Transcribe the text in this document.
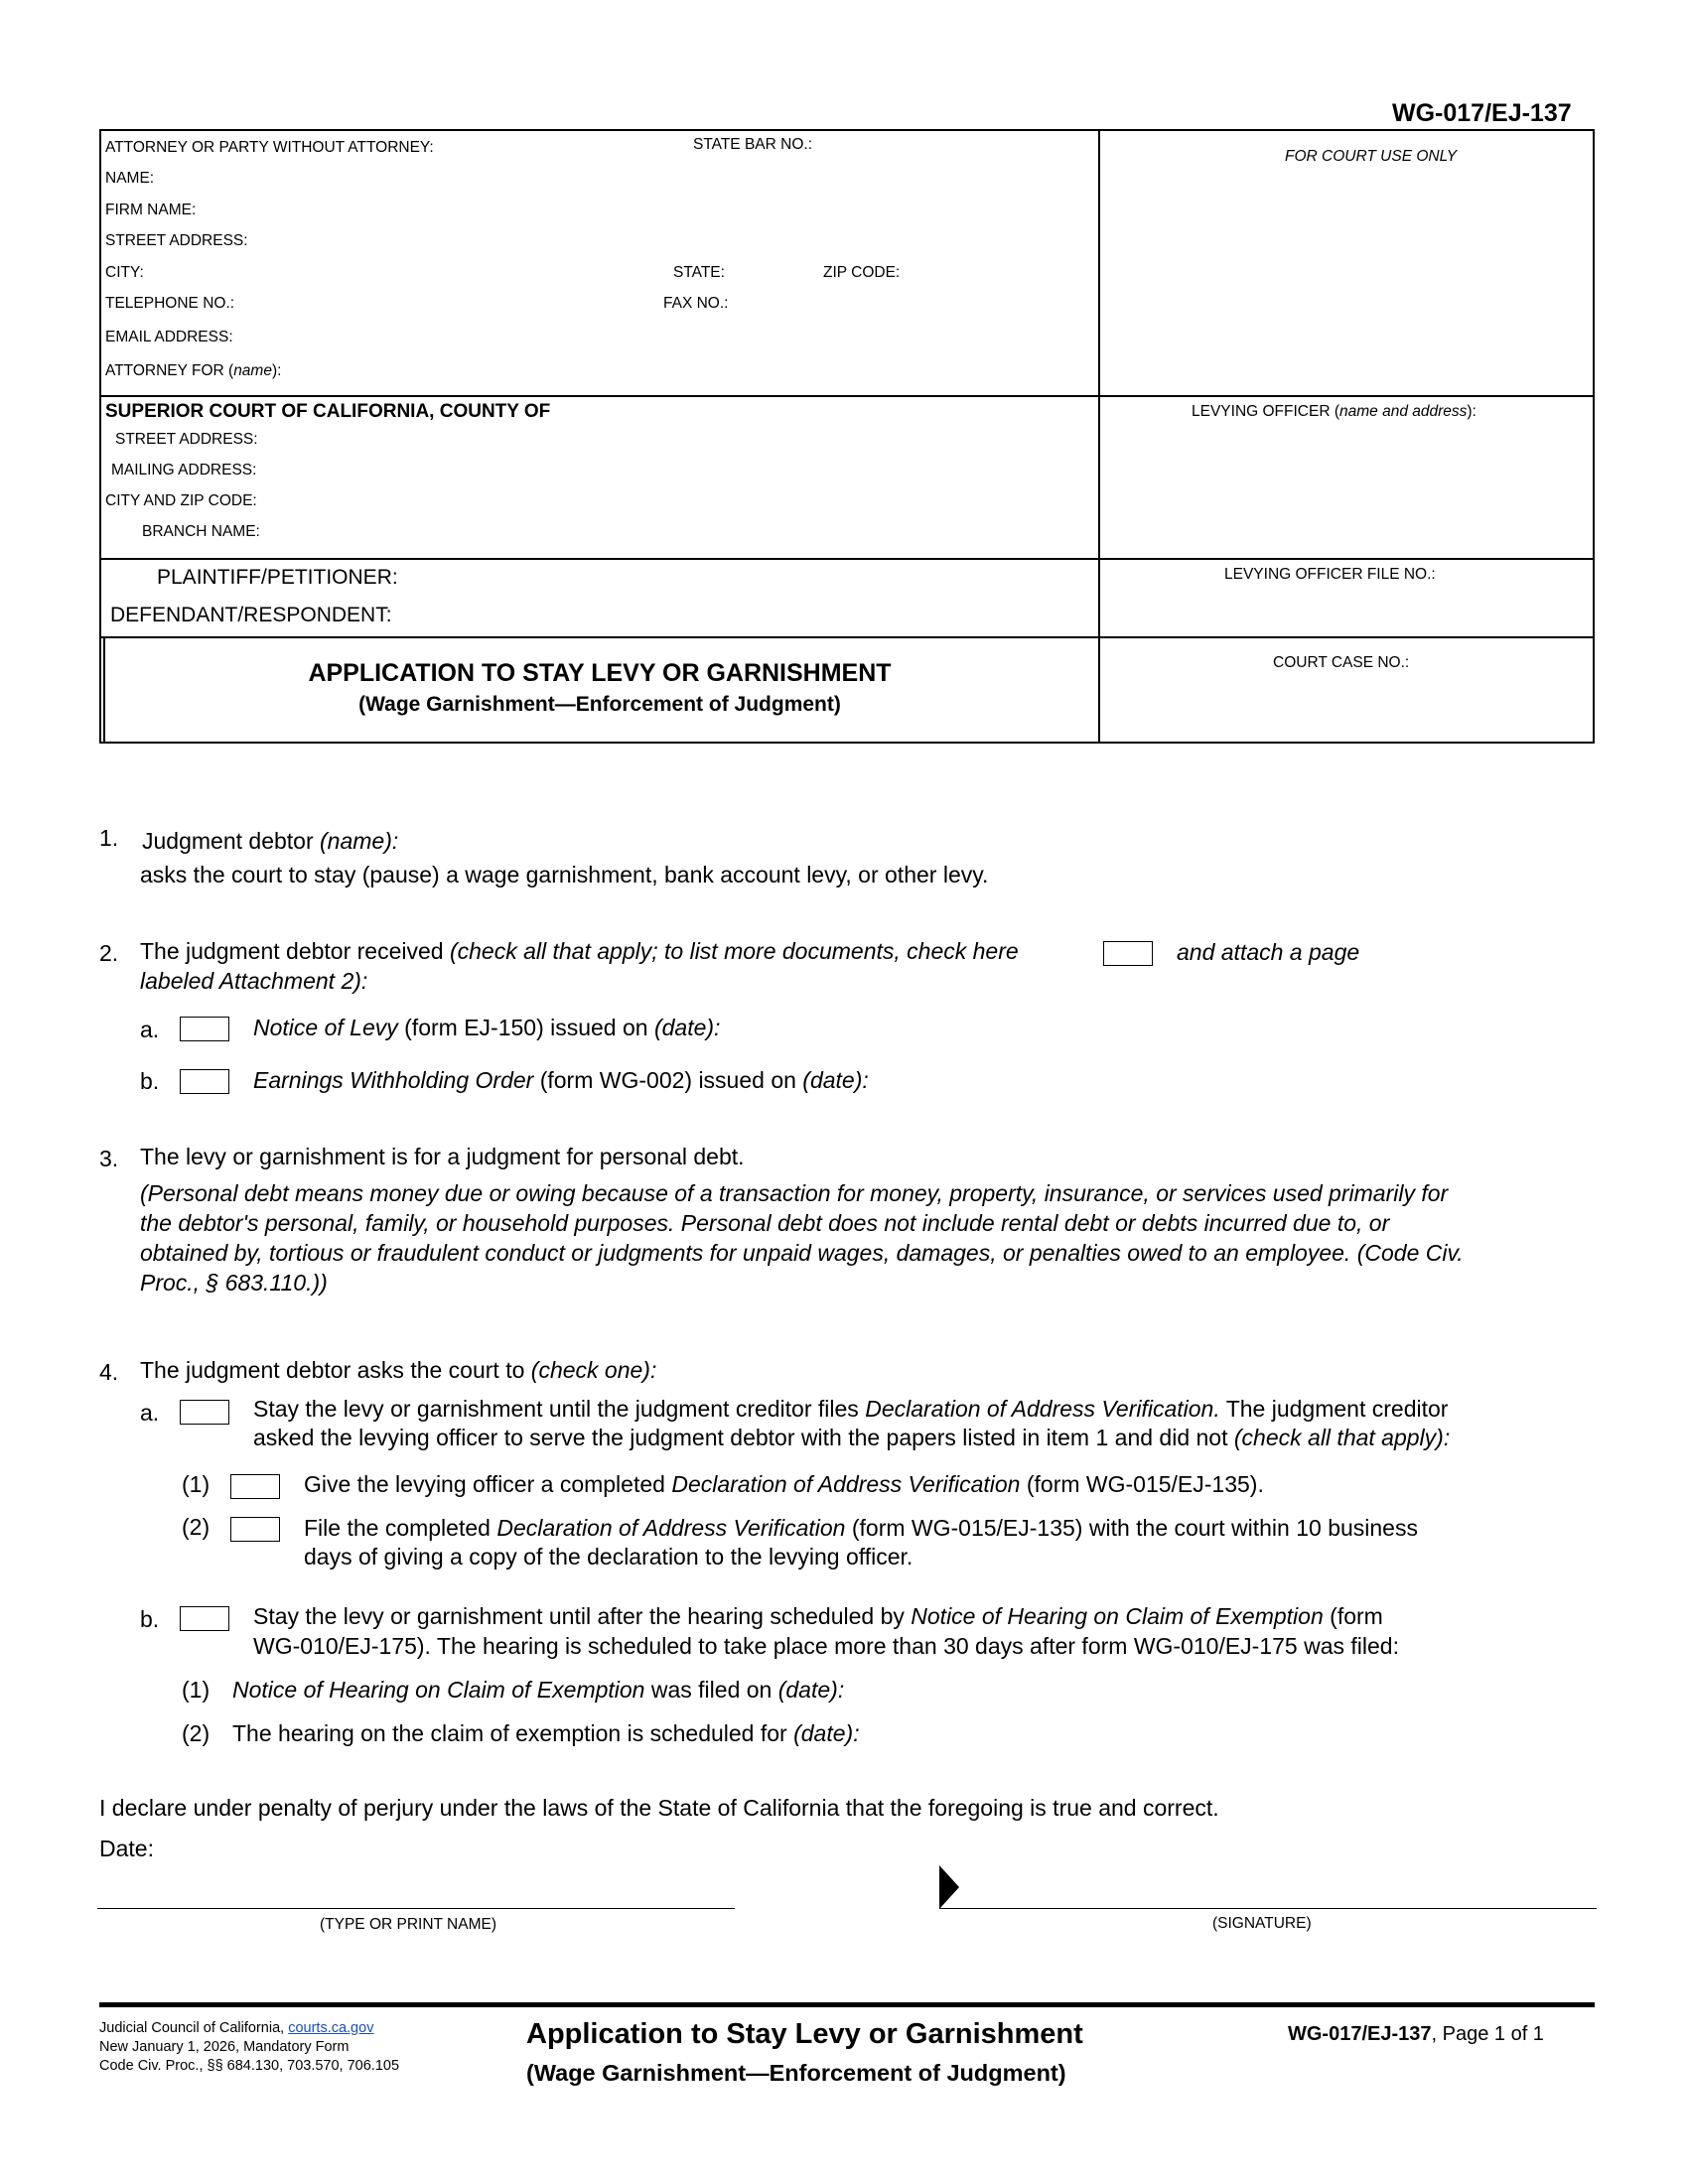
WG-017/EJ-137
ATTORNEY OR PARTY WITHOUT ATTORNEY:	STATE BAR NO.:
NAME:
FIRM NAME:
STREET ADDRESS:
CITY:	STATE:	ZIP CODE:
TELEPHONE NO.:	FAX NO.:
EMAIL ADDRESS:
ATTORNEY FOR (name):
FOR COURT USE ONLY
SUPERIOR COURT OF CALIFORNIA, COUNTY OF
STREET ADDRESS:
MAILING ADDRESS:
CITY AND ZIP CODE:
BRANCH NAME:
LEVYING OFFICER (name and address):
PLAINTIFF/PETITIONER:
DEFENDANT/RESPONDENT:
LEVYING OFFICER FILE NO.:
APPLICATION TO STAY LEVY OR GARNISHMENT
(Wage Garnishment—Enforcement of Judgment)
COURT CASE NO.:
1. Judgment debtor (name):
asks the court to stay (pause) a wage garnishment, bank account levy, or other levy.
2. The judgment debtor received (check all that apply; to list more documents, check here	and attach a page
labeled Attachment 2):
a.	Notice of Levy (form EJ-150) issued on (date):
b.	Earnings Withholding Order (form WG-002) issued on (date):
3. The levy or garnishment is for a judgment for personal debt.
(Personal debt means money due or owing because of a transaction for money, property, insurance, or services used primarily for
the debtor's personal, family, or household purposes. Personal debt does not include rental debt or debts incurred due to, or
obtained by, tortious or fraudulent conduct or judgments for unpaid wages, damages, or penalties owed to an employee. (Code Civ.
Proc., § 683.110.))
4. The judgment debtor asks the court to (check one):
a.	Stay the levy or garnishment until the judgment creditor files Declaration of Address Verification. The judgment creditor
asked the levying officer to serve the judgment debtor with the papers listed in item 1 and did not (check all that apply):
(1)	Give the levying officer a completed Declaration of Address Verification (form WG-015/EJ-135).
(2)	File the completed Declaration of Address Verification (form WG-015/EJ-135) with the court within 10 business
days of giving a copy of the declaration to the levying officer.
b.	Stay the levy or garnishment until after the hearing scheduled by Notice of Hearing on Claim of Exemption (form
WG-010/EJ-175). The hearing is scheduled to take place more than 30 days after form WG-010/EJ-175 was filed:
(1) Notice of Hearing on Claim of Exemption was filed on (date):
(2) The hearing on the claim of exemption is scheduled for (date):
I declare under penalty of perjury under the laws of the State of California that the foregoing is true and correct.
Date:
(TYPE OR PRINT NAME)	(SIGNATURE)
Judicial Council of California, courts.ca.gov
New January 1, 2026, Mandatory Form
Code Civ. Proc., §§ 684.130, 703.570, 706.105
Application to Stay Levy or Garnishment
(Wage Garnishment—Enforcement of Judgment)
WG-017/EJ-137, Page 1 of 1
